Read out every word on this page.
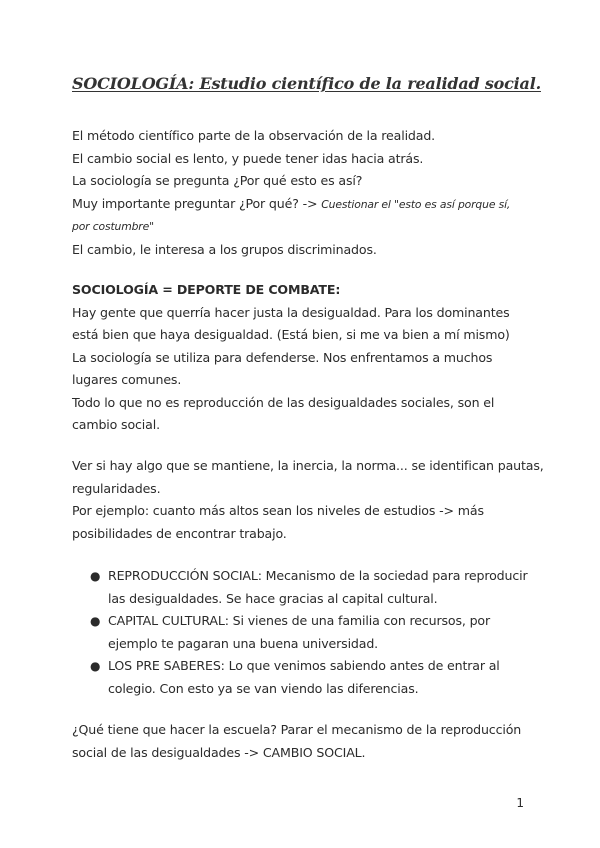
SOCIOLOGÍA: Estudio científico de la realidad social.

El método científico parte de la observación de la realidad.

El cambio social es lento, y puede tener idas hacia atrás.

La sociología se pregunta ¿Por qué esto es así?

Muy importante preguntar ¿Por qué? -> Cuestionar el "esto es así porque sí,

por costumbre"

El cambio, le interesa a los grupos discriminados.

SOCIOLOGÍA = DEPORTE DE COMBATE:

Hay gente que querría hacer justa la desigualdad. Para los dominantes

está bien que haya desigualdad. (Está bien, si me va bien a mí mismo)

La sociología se utiliza para defenderse. Nos enfrentamos a muchos

lugares comunes.

Todo lo que no es reproducción de las desigualdades sociales, son el

cambio social.

Ver si hay algo que se mantiene, la inercia, la norma... se identifican pautas,

regularidades.

Por ejemplo: cuanto más altos sean los niveles de estudios -> más

posibilidades de encontrar trabajo.

● REPRODUCCIÓN SOCIAL: Mecanismo de la sociedad para reproducir

las desigualdades. Se hace gracias al capital cultural.

● CAPITAL CULTURAL: Si vienes de una familia con recursos, por

ejemplo te pagaran una buena universidad.

● LOS PRE SABERES: Lo que venimos sabiendo antes de entrar al

colegio. Con esto ya se van viendo las diferencias.

¿Qué tiene que hacer la escuela? Parar el mecanismo de la reproducción

social de las desigualdades -> CAMBIO SOCIAL.

1
